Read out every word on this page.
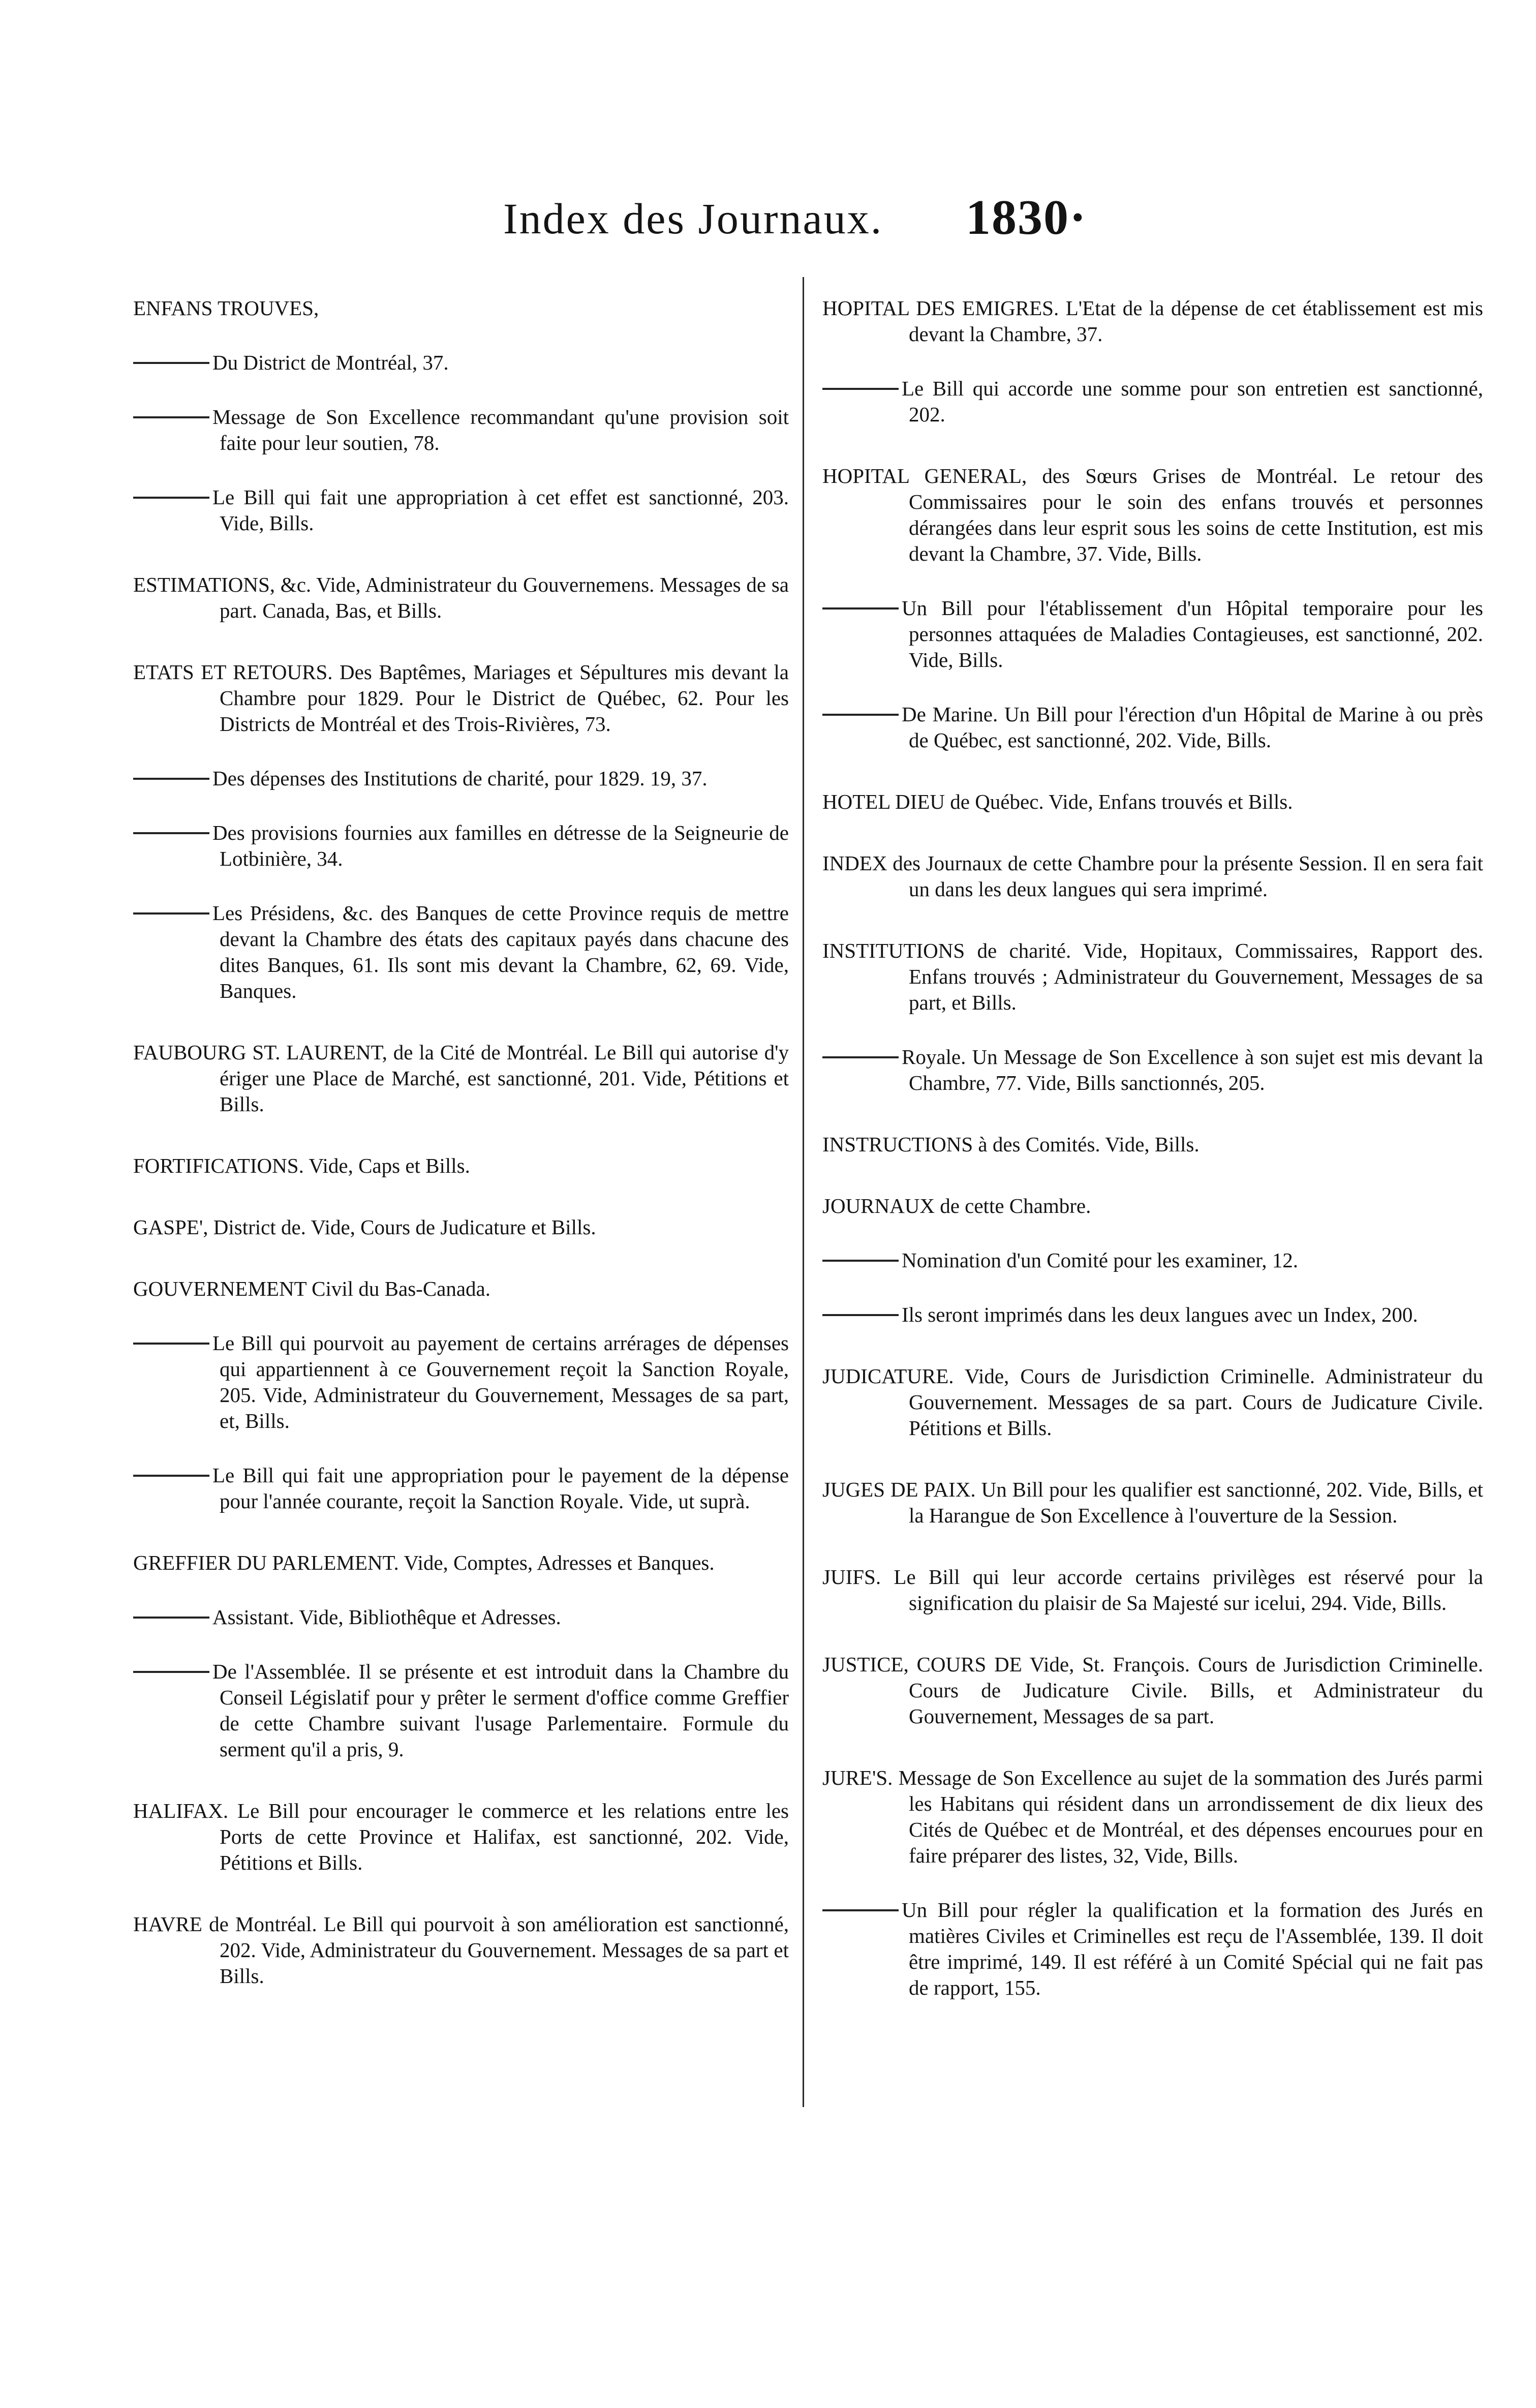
Index des Journaux. 1830·
ENFANS TROUVES,
Du District de Montréal, 37.
Message de Son Excellence recommandant qu'une provision soit faite pour leur soutien, 78.
Le Bill qui fait une appropriation à cet effet est sanctionné, 203. Vide, Bills.
ESTIMATIONS, &c. Vide, Administrateur du Gouvernemens. Messages de sa part. Canada, Bas, et Bills.
ETATS ET RETOURS. Des Baptêmes, Mariages et Sépultures mis devant la Chambre pour 1829. Pour le District de Québec, 62. Pour les Districts de Montréal et des Trois-Rivières, 73.
Des dépenses des Institutions de charité, pour 1829. 19, 37.
Des provisions fournies aux familles en détresse de la Seigneurie de Lotbinière, 34.
Les Présidens, &c. des Banques de cette Province requis de mettre devant la Chambre des états des capitaux payés dans chacune des dites Banques, 61. Ils sont mis devant la Chambre, 62, 69. Vide, Banques.
FAUBOURG ST. LAURENT, de la Cité de Montréal. Le Bill qui autorise d'y ériger une Place de Marché, est sanctionné, 201. Vide, Pétitions et Bills.
FORTIFICATIONS. Vide, Caps et Bills.
GASPE', District de. Vide, Cours de Judicature et Bills.
GOUVERNEMENT Civil du Bas-Canada.
Le Bill qui pourvoit au payement de certains arrérages de dépenses qui appartiennent à ce Gouvernement reçoit la Sanction Royale, 205. Vide, Administrateur du Gouvernement, Messages de sa part, et, Bills.
Le Bill qui fait une appropriation pour le payement de la dépense pour l'année courante, reçoit la Sanction Royale. Vide, ut suprà.
GREFFIER DU PARLEMENT. Vide, Comptes, Adresses et Banques.
Assistant. Vide, Bibliothêque et Adresses.
De l'Assemblée. Il se présente et est introduit dans la Chambre du Conseil Législatif pour y prêter le serment d'office comme Greffier de cette Chambre suivant l'usage Parlementaire. Formule du serment qu'il a pris, 9.
HALIFAX. Le Bill pour encourager le commerce et les relations entre les Ports de cette Province et Halifax, est sanctionné, 202. Vide, Pétitions et Bills.
HAVRE de Montréal. Le Bill qui pourvoit à son amélioration est sanctionné, 202. Vide, Administrateur du Gouvernement. Messages de sa part et Bills.
HOPITAL DES EMIGRES. L'Etat de la dépense de cet établissement est mis devant la Chambre, 37.
Le Bill qui accorde une somme pour son entretien est sanctionné, 202.
HOPITAL GENERAL, des Sœurs Grises de Montréal. Le retour des Commissaires pour le soin des enfans trouvés et personnes dérangées dans leur esprit sous les soins de cette Institution, est mis devant la Chambre, 37. Vide, Bills.
Un Bill pour l'établissement d'un Hôpital temporaire pour les personnes attaquées de Maladies Contagieuses, est sanctionné, 202. Vide, Bills.
De Marine. Un Bill pour l'érection d'un Hôpital de Marine à ou près de Québec, est sanctionné, 202. Vide, Bills.
HOTEL DIEU de Québec. Vide, Enfans trouvés et Bills.
INDEX des Journaux de cette Chambre pour la présente Session. Il en sera fait un dans les deux langues qui sera imprimé.
INSTITUTIONS de charité. Vide, Hopitaux, Commissaires, Rapport des. Enfans trouvés ; Administrateur du Gouvernement, Messages de sa part, et Bills.
Royale. Un Message de Son Excellence à son sujet est mis devant la Chambre, 77. Vide, Bills sanctionnés, 205.
INSTRUCTIONS à des Comités. Vide, Bills.
JOURNAUX de cette Chambre.
Nomination d'un Comité pour les examiner, 12.
Ils seront imprimés dans les deux langues avec un Index, 200.
JUDICATURE. Vide, Cours de Jurisdiction Criminelle. Administrateur du Gouvernement. Messages de sa part. Cours de Judicature Civile. Pétitions et Bills.
JUGES DE PAIX. Un Bill pour les qualifier est sanctionné, 202. Vide, Bills, et la Harangue de Son Excellence à l'ouverture de la Session.
JUIFS. Le Bill qui leur accorde certains privilèges est réservé pour la signification du plaisir de Sa Majesté sur icelui, 294. Vide, Bills.
JUSTICE, COURS DE Vide, St. François. Cours de Jurisdiction Criminelle. Cours de Judicature Civile. Bills, et Administrateur du Gouvernement, Messages de sa part.
JURE'S. Message de Son Excellence au sujet de la sommation des Jurés parmi les Habitans qui résident dans un arrondissement de dix lieux des Cités de Québec et de Montréal, et des dépenses encourues pour en faire préparer des listes, 32, Vide, Bills.
Un Bill pour régler la qualification et la formation des Jurés en matières Civiles et Criminelles est reçu de l'Assemblée, 139. Il doit être imprimé, 149. Il est référé à un Comité Spécial qui ne fait pas de rapport, 155.
